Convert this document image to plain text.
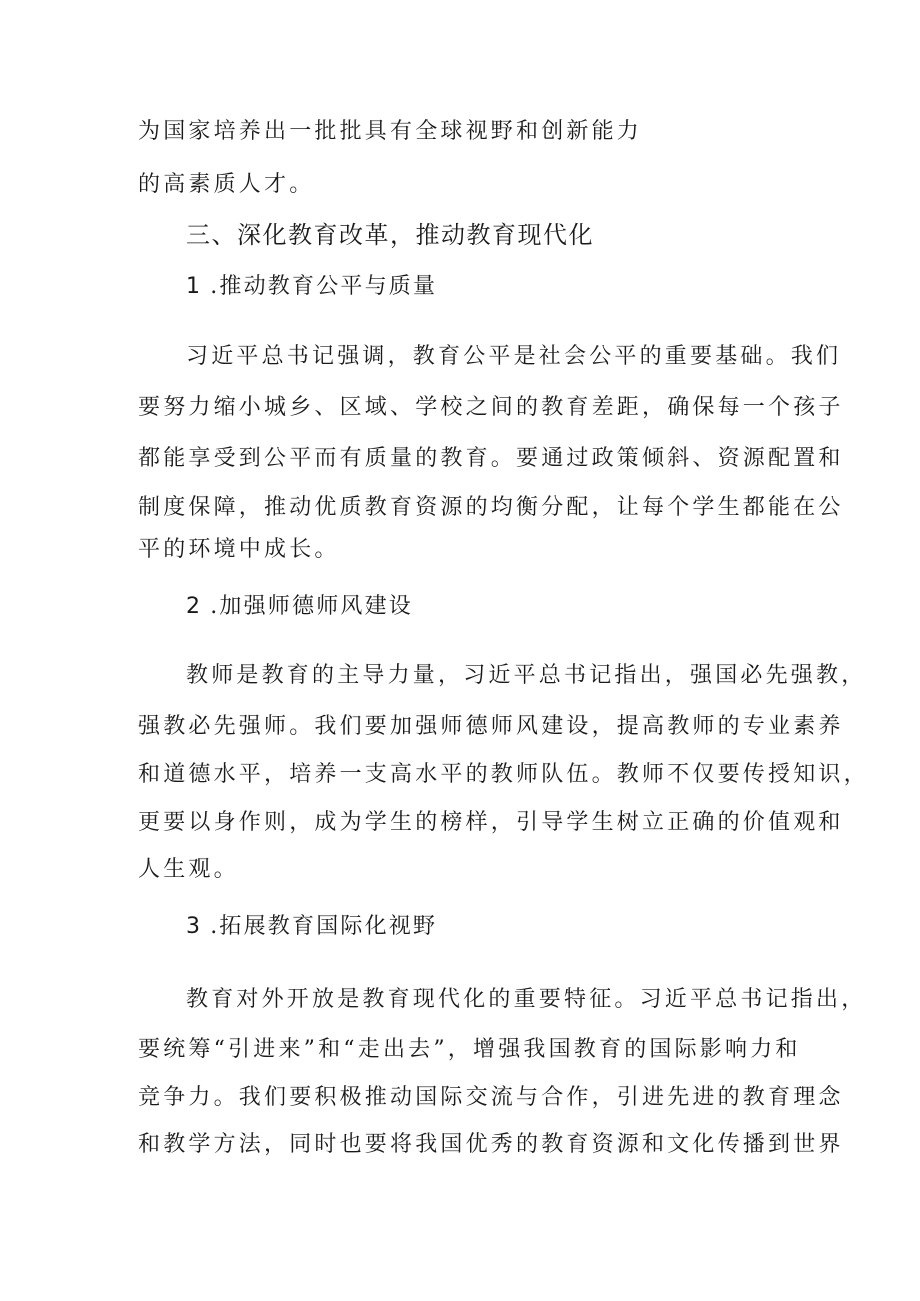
为国家培养出一批批具有全球视野和创新能力
的高素质人才。
三、深化教育改革，推动教育现代化
1 .推动教育公平与质量
习近平总书记强调，教育公平是社会公平的重要基础。我们
要努力缩小城乡、区域、学校之间的教育差距，确保每一个孩子
都能享受到公平而有质量的教育。要通过政策倾斜、资源配置和
制度保障，推动优质教育资源的均衡分配，让每个学生都能在公
平的环境中成长。
2 .加强师德师风建设
教师是教育的主导力量，习近平总书记指出，强国必先强教，
强教必先强师。我们要加强师德师风建设，提高教师的专业素养
和道德水平，培养一支高水平的教师队伍。教师不仅要传授知识，
更要以身作则，成为学生的榜样，引导学生树立正确的价值观和
人生观。
3 .拓展教育国际化视野
教育对外开放是教育现代化的重要特征。习近平总书记指出，
要统筹“引进来”和“走出去”，增强我国教育的国际影响力和
竞争力。我们要积极推动国际交流与合作，引进先进的教育理念
和教学方法，同时也要将我国优秀的教育资源和文化传播到世界
